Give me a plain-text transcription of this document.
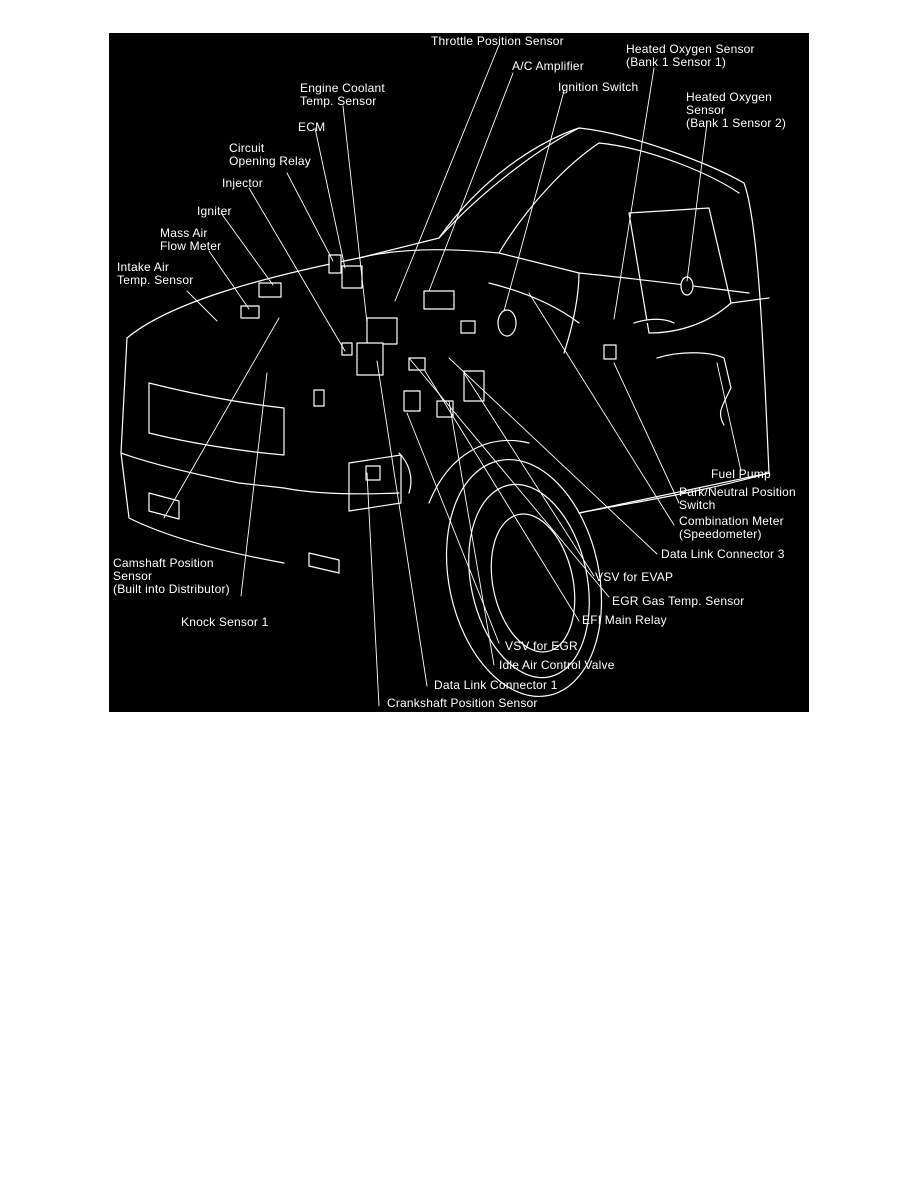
Throttle Position Sensor
A/C Amplifier
Heated Oxygen Sensor
(Bank 1 Sensor 1)
Ignition Switch
Heated Oxygen
Sensor
(Bank 1 Sensor 2)
Engine Coolant
Temp. Sensor
ECM
Circuit
Opening Relay
Injector
Igniter
Mass Air
Flow Meter
Intake Air
Temp. Sensor
Fuel Pump
Park/Neutral Position
Switch
Combination Meter
(Speedometer)
Data Link Connector 3
Camshaft Position
Sensor
(Built into Distributor)
VSV for EVAP
EGR Gas Temp. Sensor
Knock Sensor 1	EFI Main Relay
VSV for EGR
Idle Air Control Valve
Data Link Connector 1
Crankshaft Position Sensor
